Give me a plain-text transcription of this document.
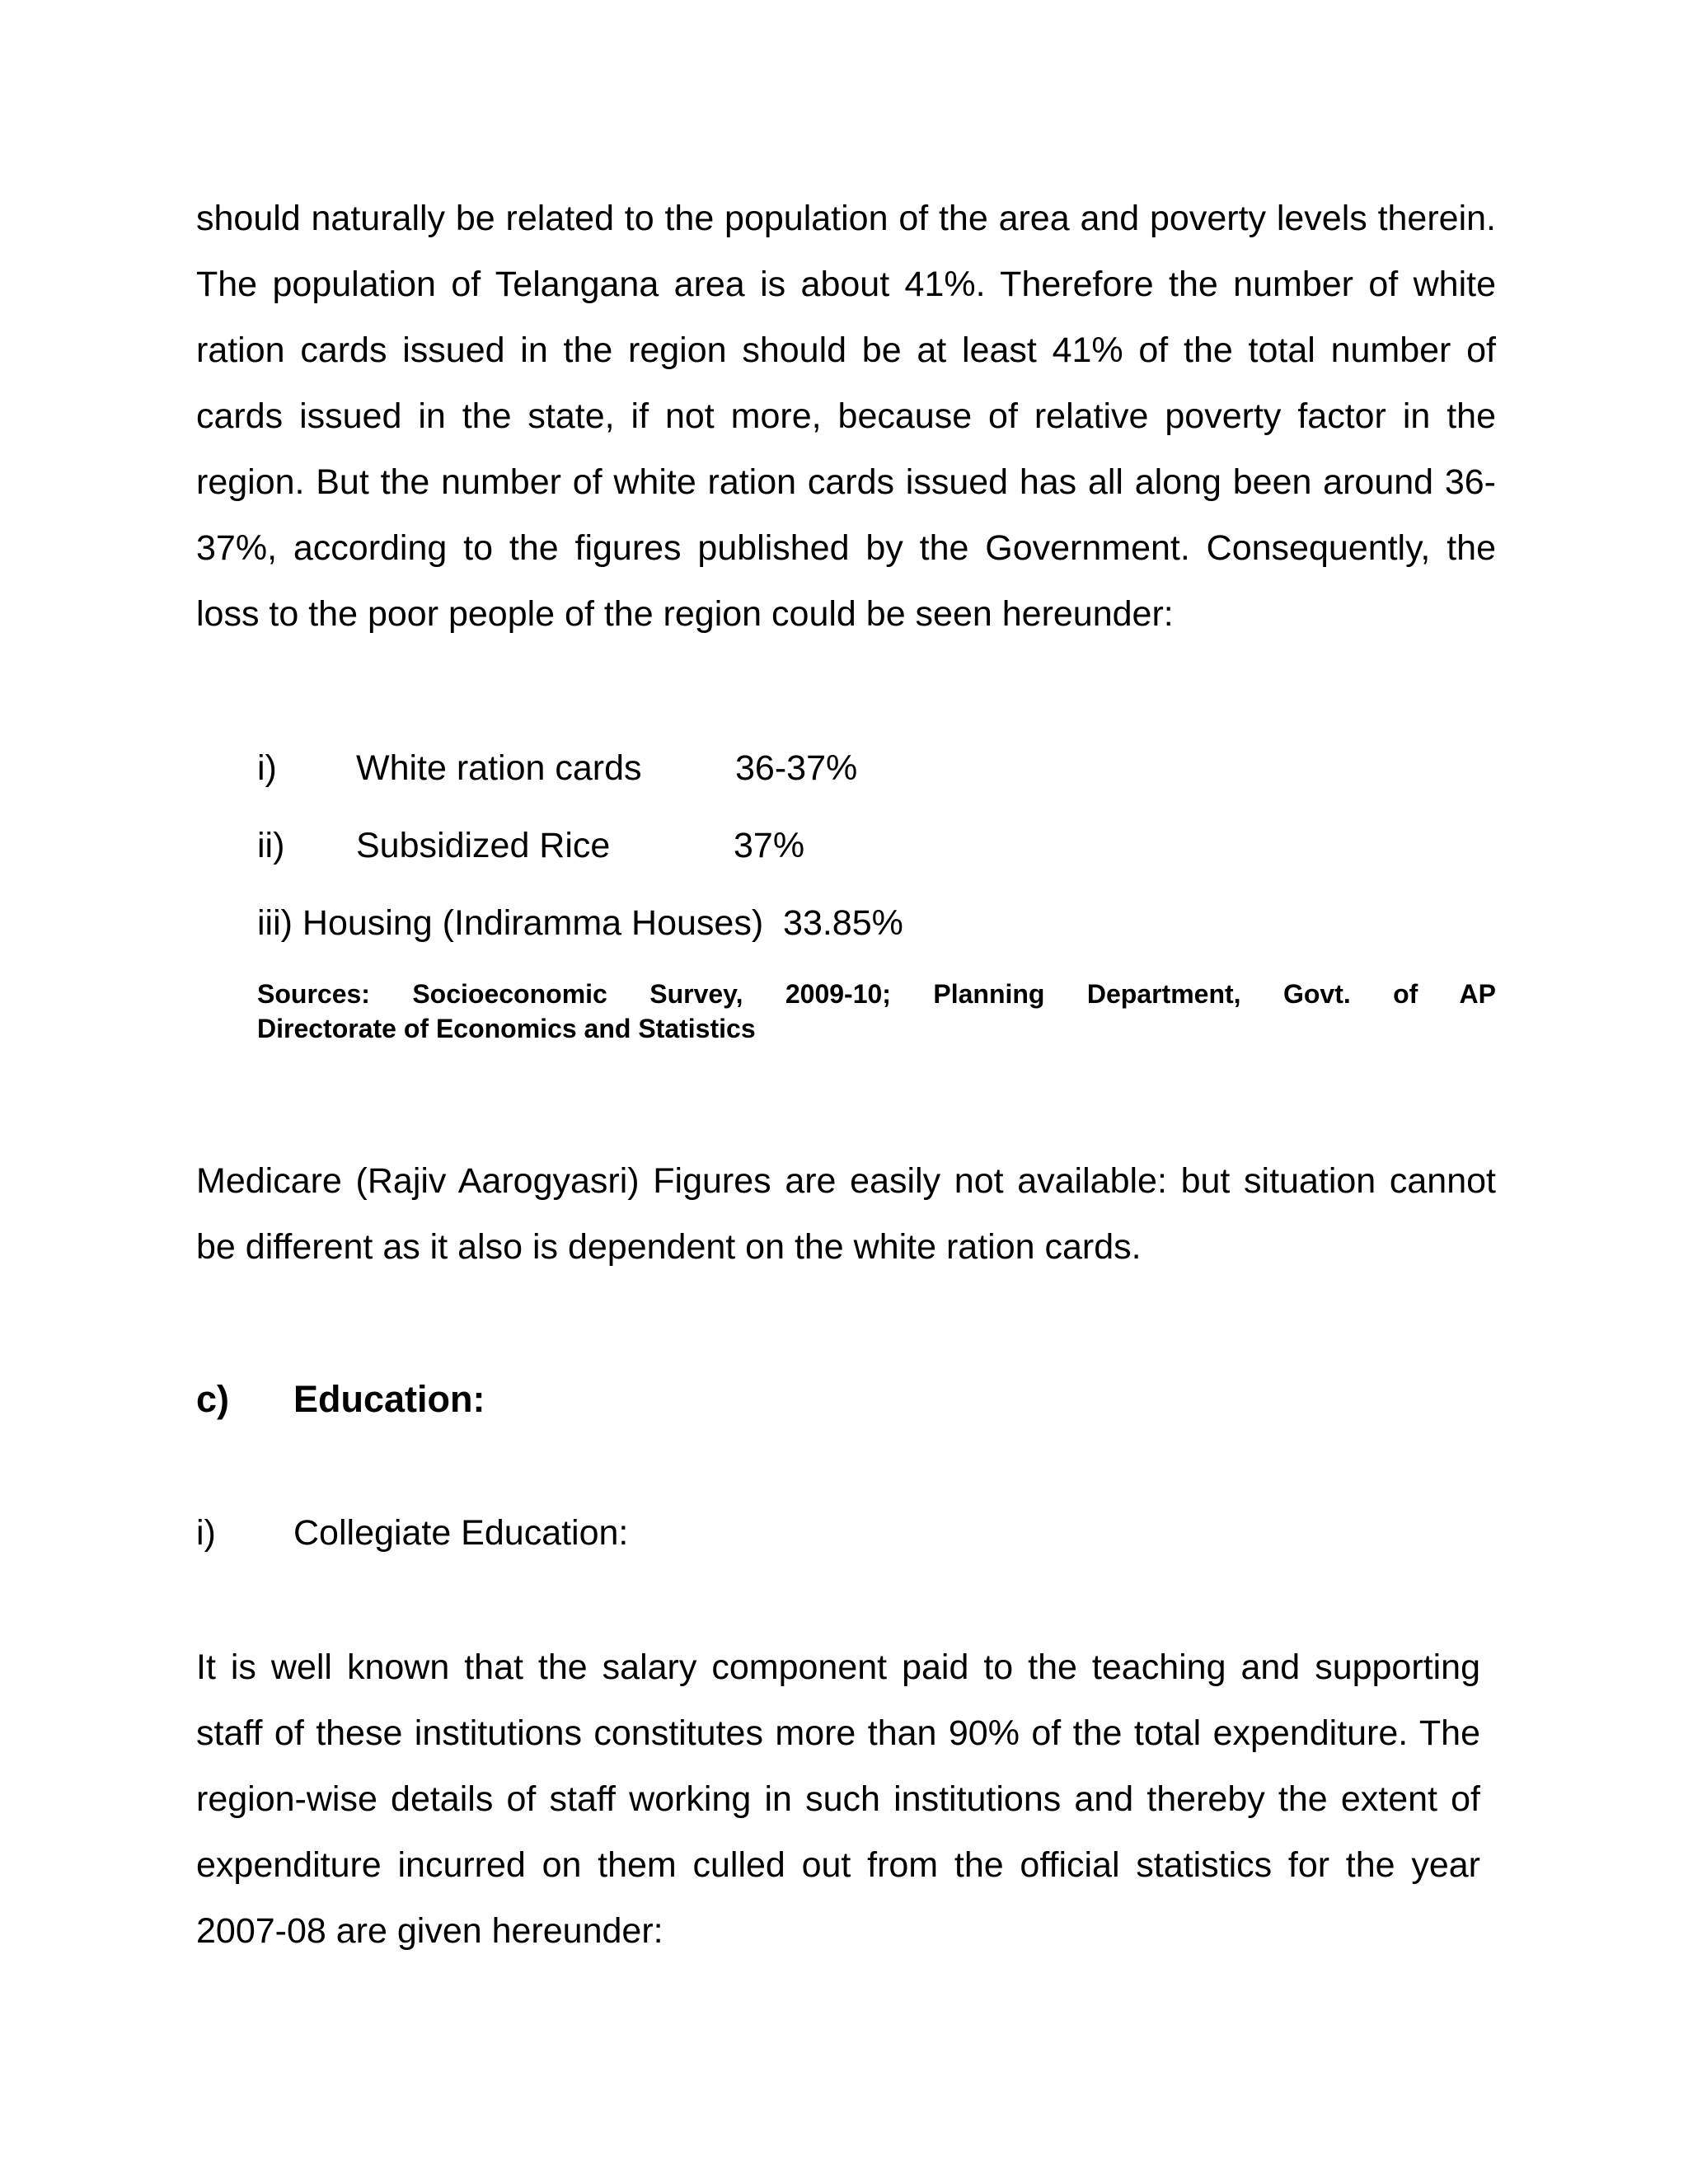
should naturally be related to the population of the area and poverty levels therein. The population of Telangana area is about 41%. Therefore the number of white ration cards issued in the region should be at least 41% of the total number of cards issued in the state, if not more, because of relative poverty factor in the region. But the number of white ration cards issued has all along been around 36-37%, according to the figures published by the Government. Consequently, the loss to the poor people of the region could be seen hereunder:

i) White ration cards	36-37%
ii) Subsidized Rice	37%
iii) Housing (Indiramma Houses)  33.85%

Sources: Socioeconomic Survey, 2009-10; Planning Department, Govt. of AP
Directorate of Economics and Statistics

Medicare (Rajiv Aarogyasri) Figures are easily not available: but situation cannot be different as it also is dependent on the white ration cards.

c) Education:
i) Collegiate Education:

It is well known that the salary component paid to the teaching and supporting staff of these institutions constitutes more than 90% of the total expenditure. The region-wise details of staff working in such institutions and thereby the extent of expenditure incurred on them culled out from the official statistics for the year 2007-08 are given hereunder:
